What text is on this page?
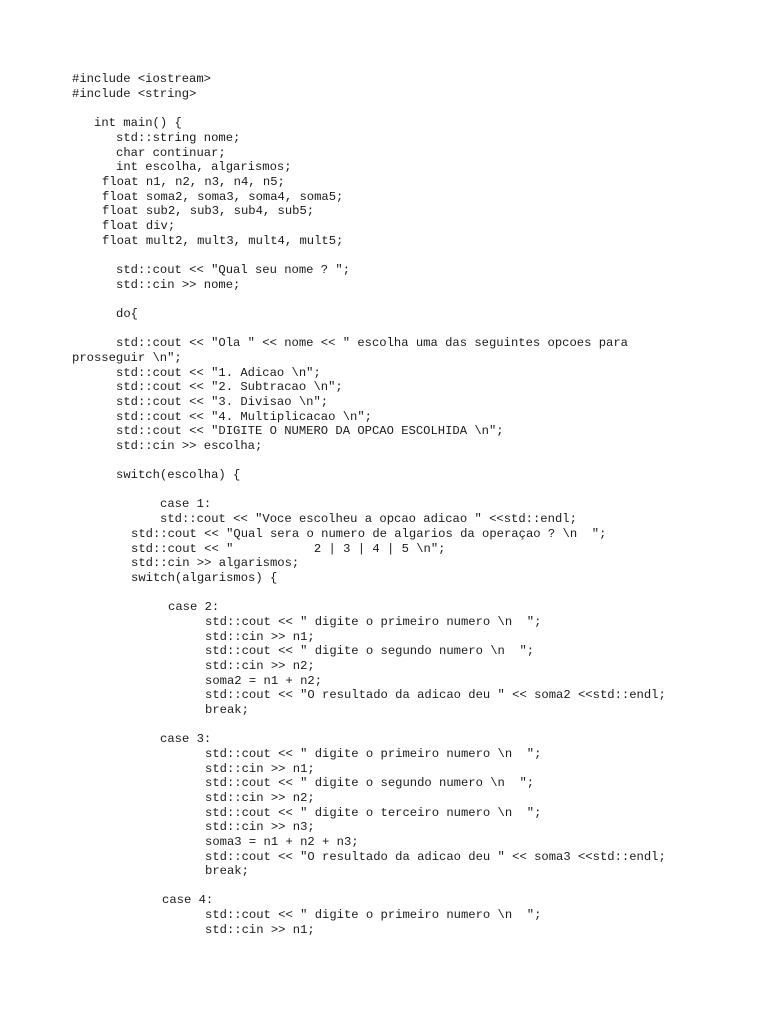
#include <iostream>
#include <string>
int main() {
std::string nome;
char continuar;
int escolha, algarismos;
float n1, n2, n3, n4, n5;
float soma2, soma3, soma4, soma5;
float sub2, sub3, sub4, sub5;
float div;
float mult2, mult3, mult4, mult5;
std::cout << "Qual seu nome ? ";
std::cin >> nome;
do{
std::cout << "Ola " << nome << " escolha uma das seguintes opcoes para
prosseguir \n";
std::cout << "1. Adicao \n";
std::cout << "2. Subtracao \n";
std::cout << "3. Divisao \n";
std::cout << "4. Multiplicacao \n";
std::cout << "DIGITE O NUMERO DA OPCAO ESCOLHIDA \n";
std::cin >> escolha;
switch(escolha) {
case 1:
std::cout << "Voce escolheu a opcao adicao " <<std::endl;
std::cout << "Qual sera o numero de algarios da operaçao ? \n  ";
std::cout << "           2 | 3 | 4 | 5 \n";
std::cin >> algarismos;
switch(algarismos) {
case 2:
std::cout << " digite o primeiro numero \n  ";
std::cin >> n1;
std::cout << " digite o segundo numero \n  ";
std::cin >> n2;
soma2 = n1 + n2;
std::cout << "O resultado da adicao deu " << soma2 <<std::endl;
break;
case 3:
std::cout << " digite o primeiro numero \n  ";
std::cin >> n1;
std::cout << " digite o segundo numero \n  ";
std::cin >> n2;
std::cout << " digite o terceiro numero \n  ";
std::cin >> n3;
soma3 = n1 + n2 + n3;
std::cout << "O resultado da adicao deu " << soma3 <<std::endl;
break;
case 4:
std::cout << " digite o primeiro numero \n  ";
std::cin >> n1;
